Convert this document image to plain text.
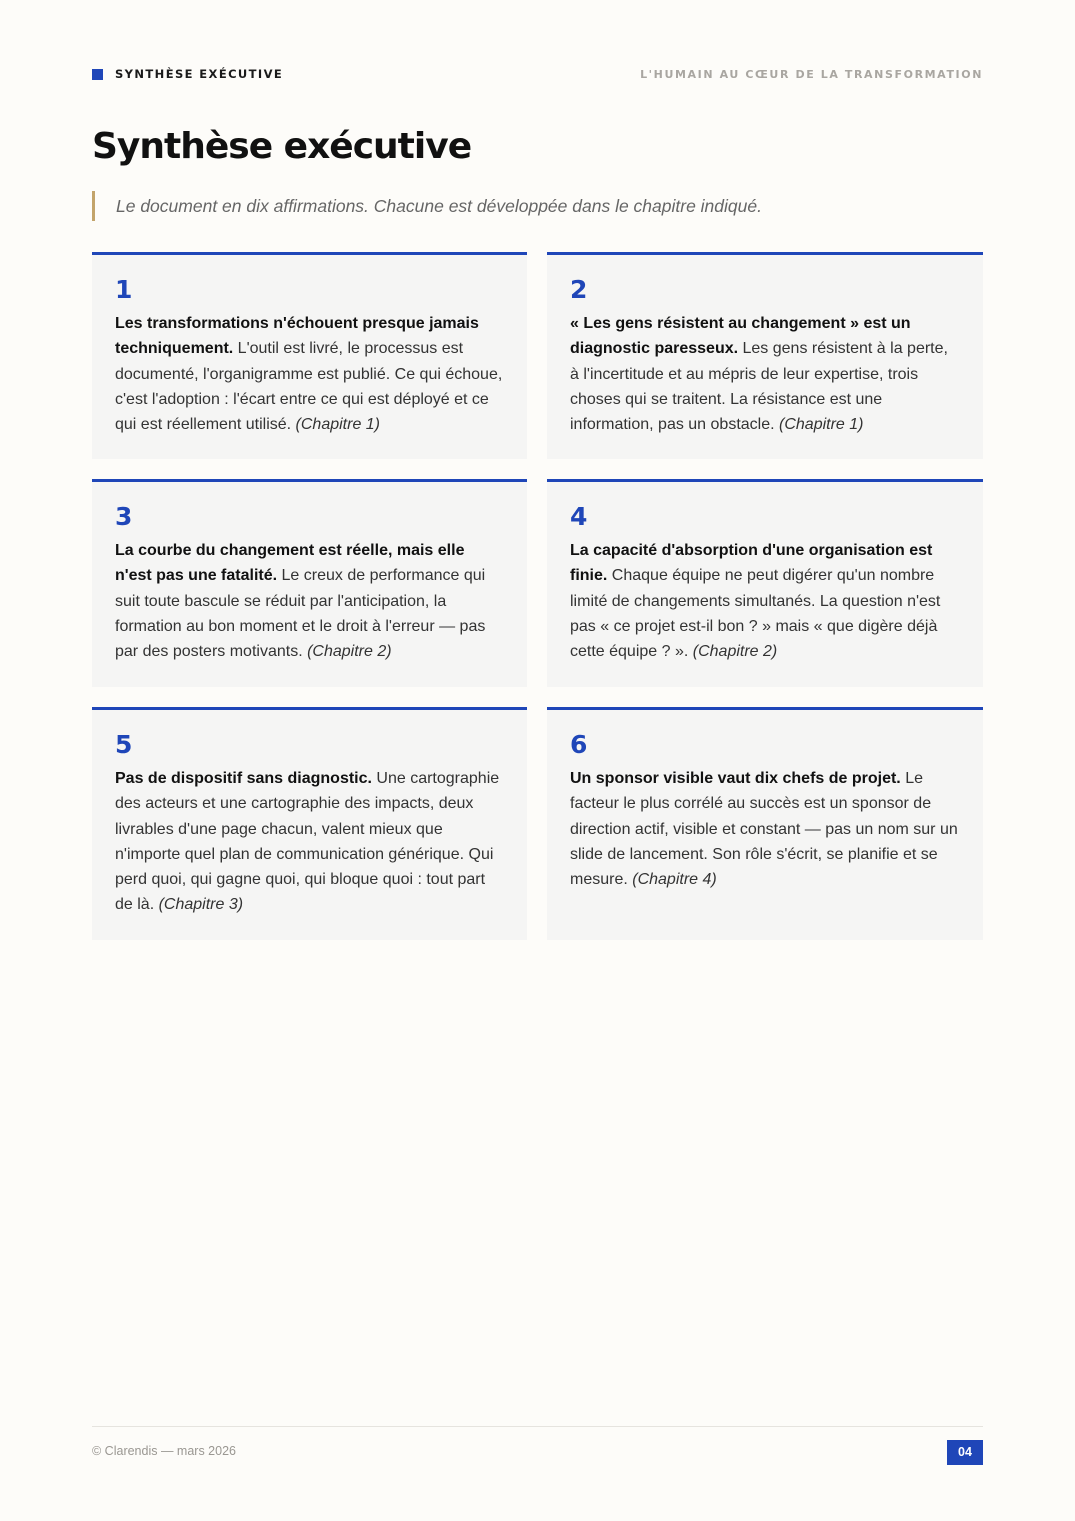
SYNTHÈSE EXÉCUTIVE	L'HUMAIN AU CŒUR DE LA TRANSFORMATION
Synthèse exécutive
Le document en dix affirmations. Chacune est développée dans le chapitre indiqué.
1

Les transformations n'échouent presque jamais techniquement. L'outil est livré, le processus est documenté, l'organigramme est publié. Ce qui échoue, c'est l'adoption : l'écart entre ce qui est déployé et ce qui est réellement utilisé. (Chapitre 1)

2

« Les gens résistent au changement » est un diagnostic paresseux. Les gens résistent à la perte, à l'incertitude et au mépris de leur expertise, trois choses qui se traitent. La résistance est une information, pas un obstacle. (Chapitre 1)

3

La courbe du changement est réelle, mais elle n'est pas une fatalité. Le creux de performance qui suit toute bascule se réduit par l'anticipation, la formation au bon moment et le droit à l'erreur — pas par des posters motivants. (Chapitre 2)

4

La capacité d'absorption d'une organisation est finie. Chaque équipe ne peut digérer qu'un nombre limité de changements simultanés. La question n'est pas « ce projet est-il bon ? » mais « que digère déjà cette équipe ? ». (Chapitre 2)

5

Pas de dispositif sans diagnostic. Une cartographie des acteurs et une cartographie des impacts, deux livrables d'une page chacun, valent mieux que n'importe quel plan de communication générique. Qui perd quoi, qui gagne quoi, qui bloque quoi : tout part de là. (Chapitre 3)

6

Un sponsor visible vaut dix chefs de projet. Le facteur le plus corrélé au succès est un sponsor de direction actif, visible et constant — pas un nom sur un slide de lancement. Son rôle s'écrit, se planifie et se mesure. (Chapitre 4)

© Clarendis — mars 2026	04
